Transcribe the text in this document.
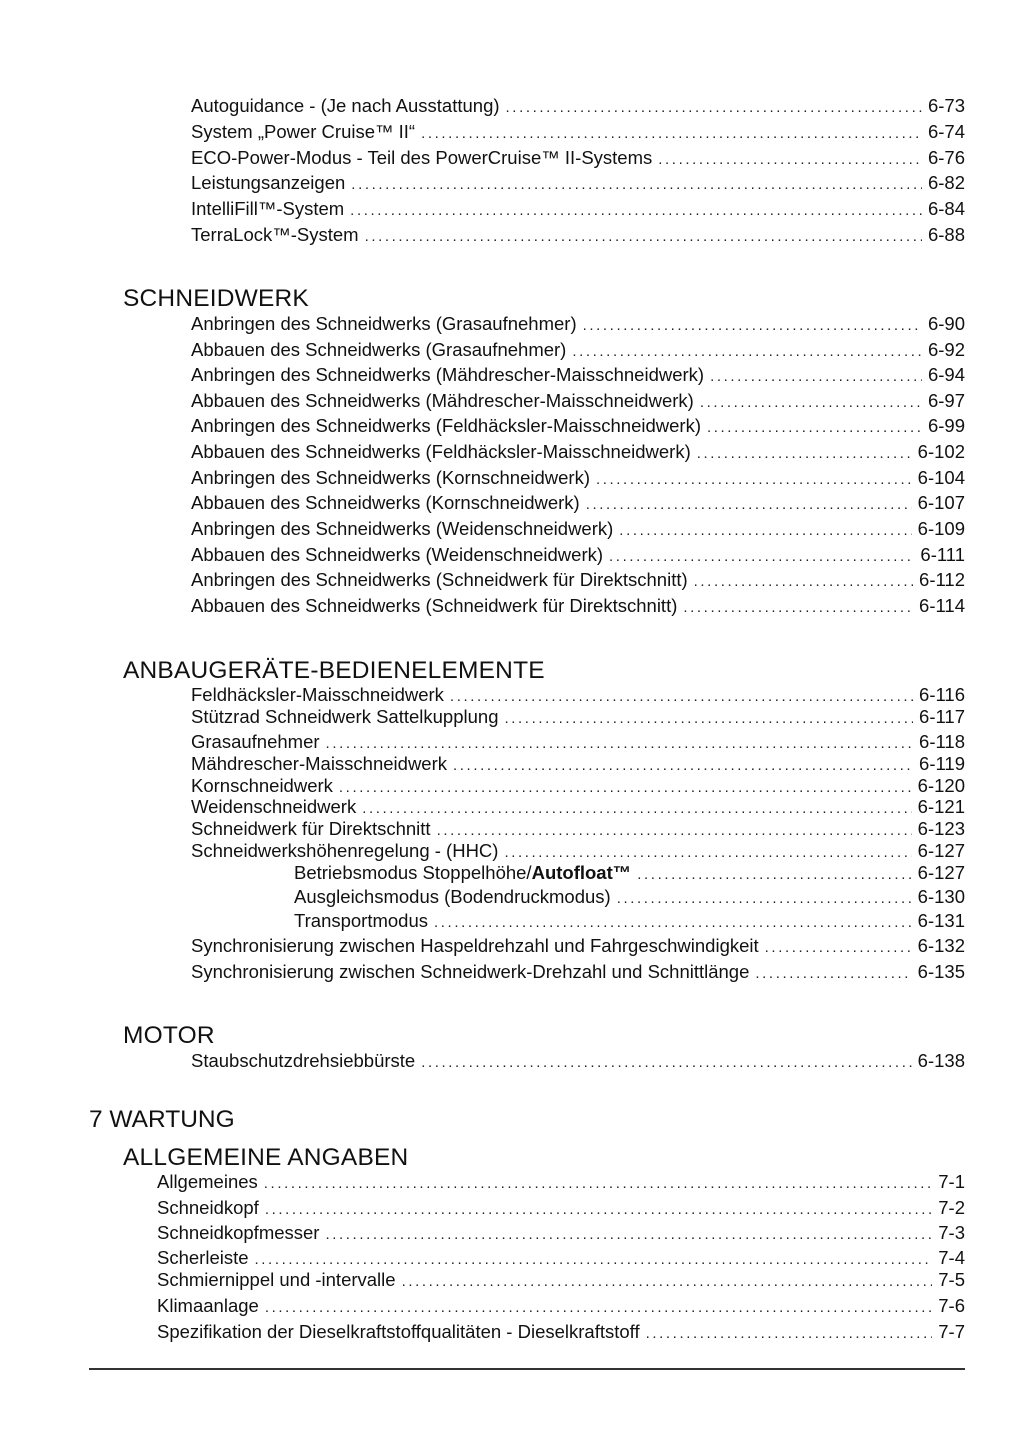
Autoguidance - (Je nach Ausstattung) .....	6-73
System „Power Cruise™ II“ .....	6-74
ECO-Power-Modus - Teil des PowerCruise™ II-Systems .....	6-76
Leistungsanzeigen .....	6-82
IntelliFill™-System .....	6-84
TerraLock™-System .....	6-88
SCHNEIDWERK
Anbringen des Schneidwerks (Grasaufnehmer) .....	6-90
Abbauen des Schneidwerks (Grasaufnehmer) .....	6-92
Anbringen des Schneidwerks (Mähdrescher-Maisschneidwerk) .....	6-94
Abbauen des Schneidwerks (Mähdrescher-Maisschneidwerk) .....	6-97
Anbringen des Schneidwerks (Feldhäcksler-Maisschneidwerk) .....	6-99
Abbauen des Schneidwerks (Feldhäcksler-Maisschneidwerk) .....	6-102
Anbringen des Schneidwerks (Kornschneidwerk) .....	6-104
Abbauen des Schneidwerks (Kornschneidwerk) .....	6-107
Anbringen des Schneidwerks (Weidenschneidwerk) .....	6-109
Abbauen des Schneidwerks (Weidenschneidwerk) .....	6-111
Anbringen des Schneidwerks (Schneidwerk für Direktschnitt) .....	6-112
Abbauen des Schneidwerks (Schneidwerk für Direktschnitt) .....	6-114
ANBAUGERÄTE-BEDIENELEMENTE
Feldhäcksler-Maisschneidwerk .....	6-116
Stützrad Schneidwerk Sattelkupplung .....	6-117
Grasaufnehmer .....	6-118
Mähdrescher-Maisschneidwerk .....	6-119
Kornschneidwerk .....	6-120
Weidenschneidwerk .....	6-121
Schneidwerk für Direktschnitt .....	6-123
Schneidwerkshöhenregelung - (HHC) .....	6-127
Betriebsmodus Stoppelhöhe/Autofloat™ .....	6-127
Ausgleichsmodus (Bodendruckmodus) .....	6-130
Transportmodus .....	6-131
Synchronisierung zwischen Haspeldrehzahl und Fahrgeschwindigkeit .....	6-132
Synchronisierung zwischen Schneidwerk-Drehzahl und Schnittlänge .....	6-135
MOTOR
Staubschutzdrehsiebbürste .....	6-138
7 WARTUNG
ALLGEMEINE ANGABEN
Allgemeines .....	7-1
Schneidkopf .....	7-2
Schneidkopfmesser .....	7-3
Scherleiste .....	7-4
Schmiernippel und -intervalle .....	7-5
Klimaanlage .....	7-6
Spezifikation der Dieselkraftstoffqualitäten - Dieselkraftstoff .....	7-7
